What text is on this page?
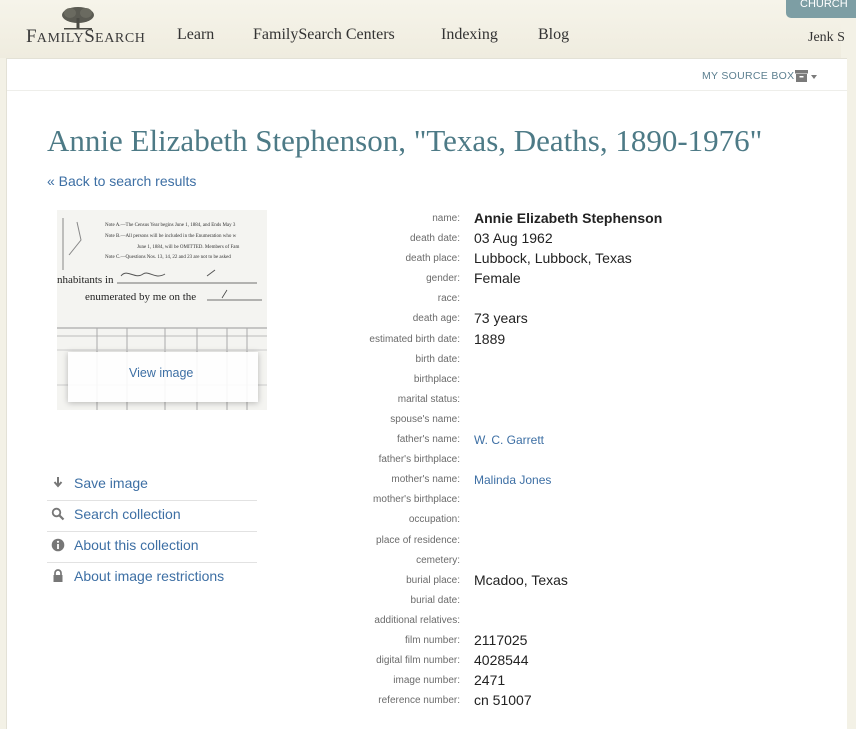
FAMILYSEARCH Learn FamilySearch Centers	Indexing	Blog
CHURCH
Jenk S
MY SOURCE BOX
Annie Elizabeth Stephenson, "Texas, Deaths, 1890-1976"
« Back to search results
Note A.—The Census Year begins June 1, 1884, and Ends May 3
Note B.—All persons will be included in the Enumeration who w
June 1, 1884, will be OMITTED. Members of Fam
Note C.—Questions Nos. 13, 14, 22 and 23 are not to be asked
nhabitants in
enumerated by me on the
View image
Save image
Search collection
About this collection
About image restrictions
name: Annie Elizabeth Stephenson
death date: 03 Aug 1962
death place: Lubbock, Lubbock, Texas
gender: Female
race:
death age: 73 years
estimated birth date: 1889
birth date:
birthplace:
marital status:
spouse's name:
father's name: W. C. Garrett
father's birthplace:
mother's name: Malinda Jones
mother's birthplace:
occupation:
place of residence:
cemetery:
burial place: Mcadoo, Texas
burial date:
additional relatives:
film number: 2117025
digital film number: 4028544
image number: 2471
reference number: cn 51007
